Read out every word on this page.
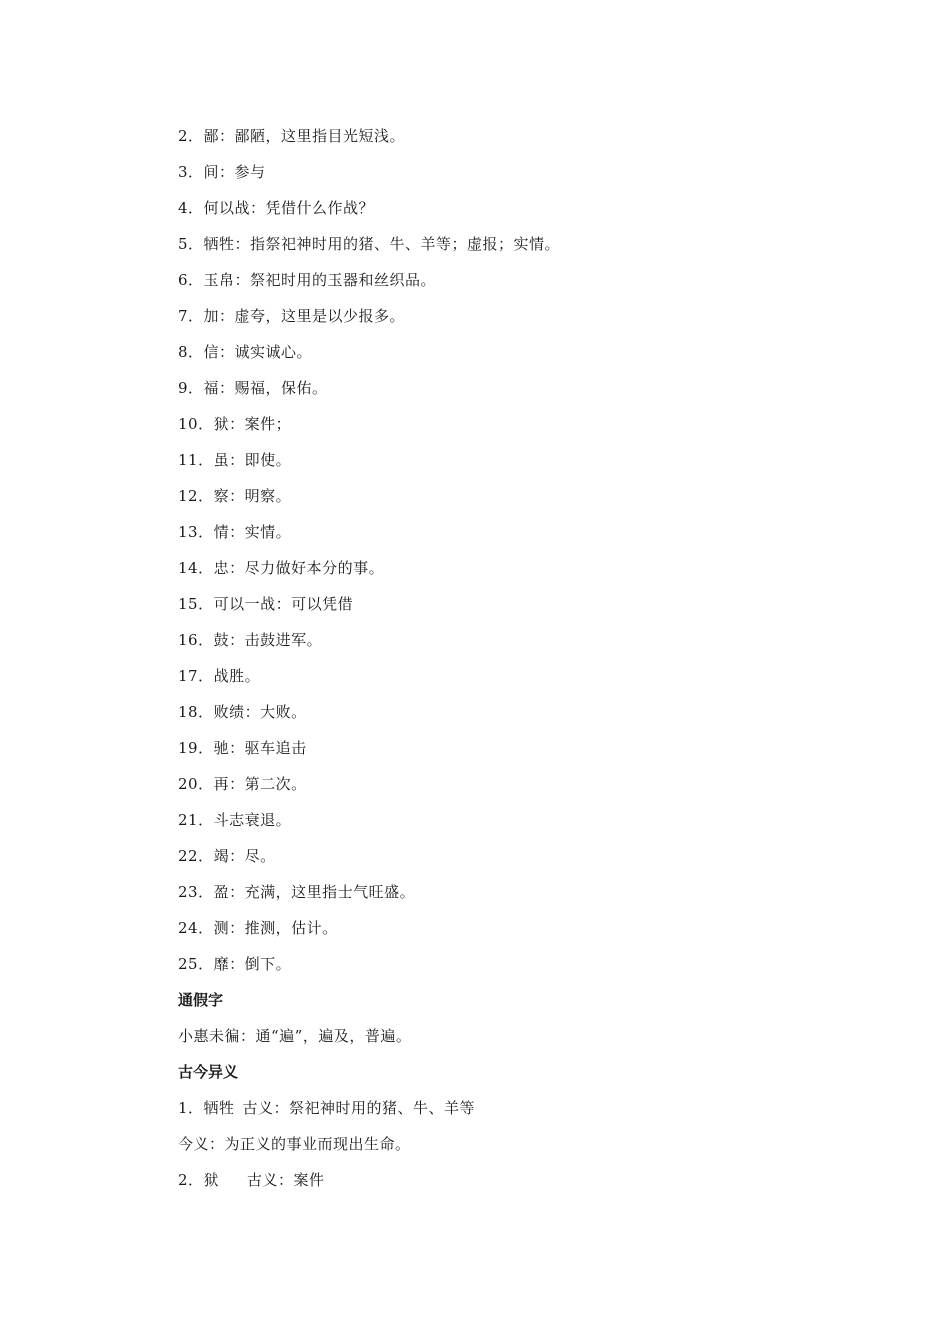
2．鄙：鄙陋，这里指目光短浅。
3．间：参与
4．何以战：凭借什么作战？
5．牺牲：指祭祀神时用的猪、牛、羊等；虚报；实情。
6．玉帛：祭祀时用的玉器和丝织品。
7．加：虚夸，这里是以少报多。
8．信：诚实诚心。
9．福：赐福，保佑。
10．狱：案件；
11．虽：即使。
12．察：明察。
13．情：实情。
14．忠：尽力做好本分的事。
15．可以一战：可以凭借
16．鼓：击鼓进军。
17．战胜。
18．败绩：大败。
19．驰：驱车追击
20．再：第二次。
21．斗志衰退。
22．竭：尽。
23．盈：充满，这里指士气旺盛。
24．测：推测，估计。
25．靡：倒下。
通假字
小惠未徧：通“遍”，遍及，普遍。
古今异义
1．牺牲 古义：祭祀神时用的猪、牛、羊等
今义：为正义的事业而现出生命。
2．狱 古义：案件
